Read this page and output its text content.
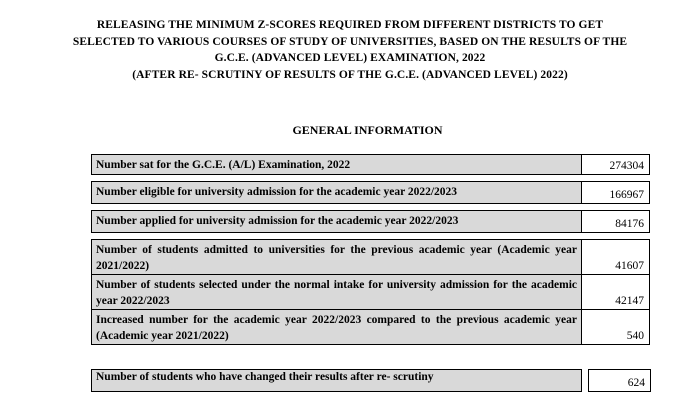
RELEASING THE MINIMUM Z-SCORES REQUIRED FROM DIFFERENT DISTRICTS TO GET
SELECTED TO VARIOUS COURSES OF STUDY OF UNIVERSITIES, BASED ON THE RESULTS OF THE
G.C.E. (ADVANCED LEVEL) EXAMINATION, 2022
(AFTER RE- SCRUTINY OF RESULTS OF THE G.C.E. (ADVANCED LEVEL) 2022)
GENERAL INFORMATION
Number sat for the G.C.E. (A/L) Examination, 2022	274304

Number eligible for university admission for the academic year 2022/2023	166967

Number applied for university admission for the academic year 2022/2023	84176

Number of students admitted to universities for the previous academic year (Academic year 2021/2022)	41607
Number of students selected under the normal intake for university admission for the academic year 2022/2023	42147
Increased number for the academic year 2022/2023 compared to the previous academic year (Academic year 2021/2022)	540
Number of students who have changed their results after re- scrutiny		624
